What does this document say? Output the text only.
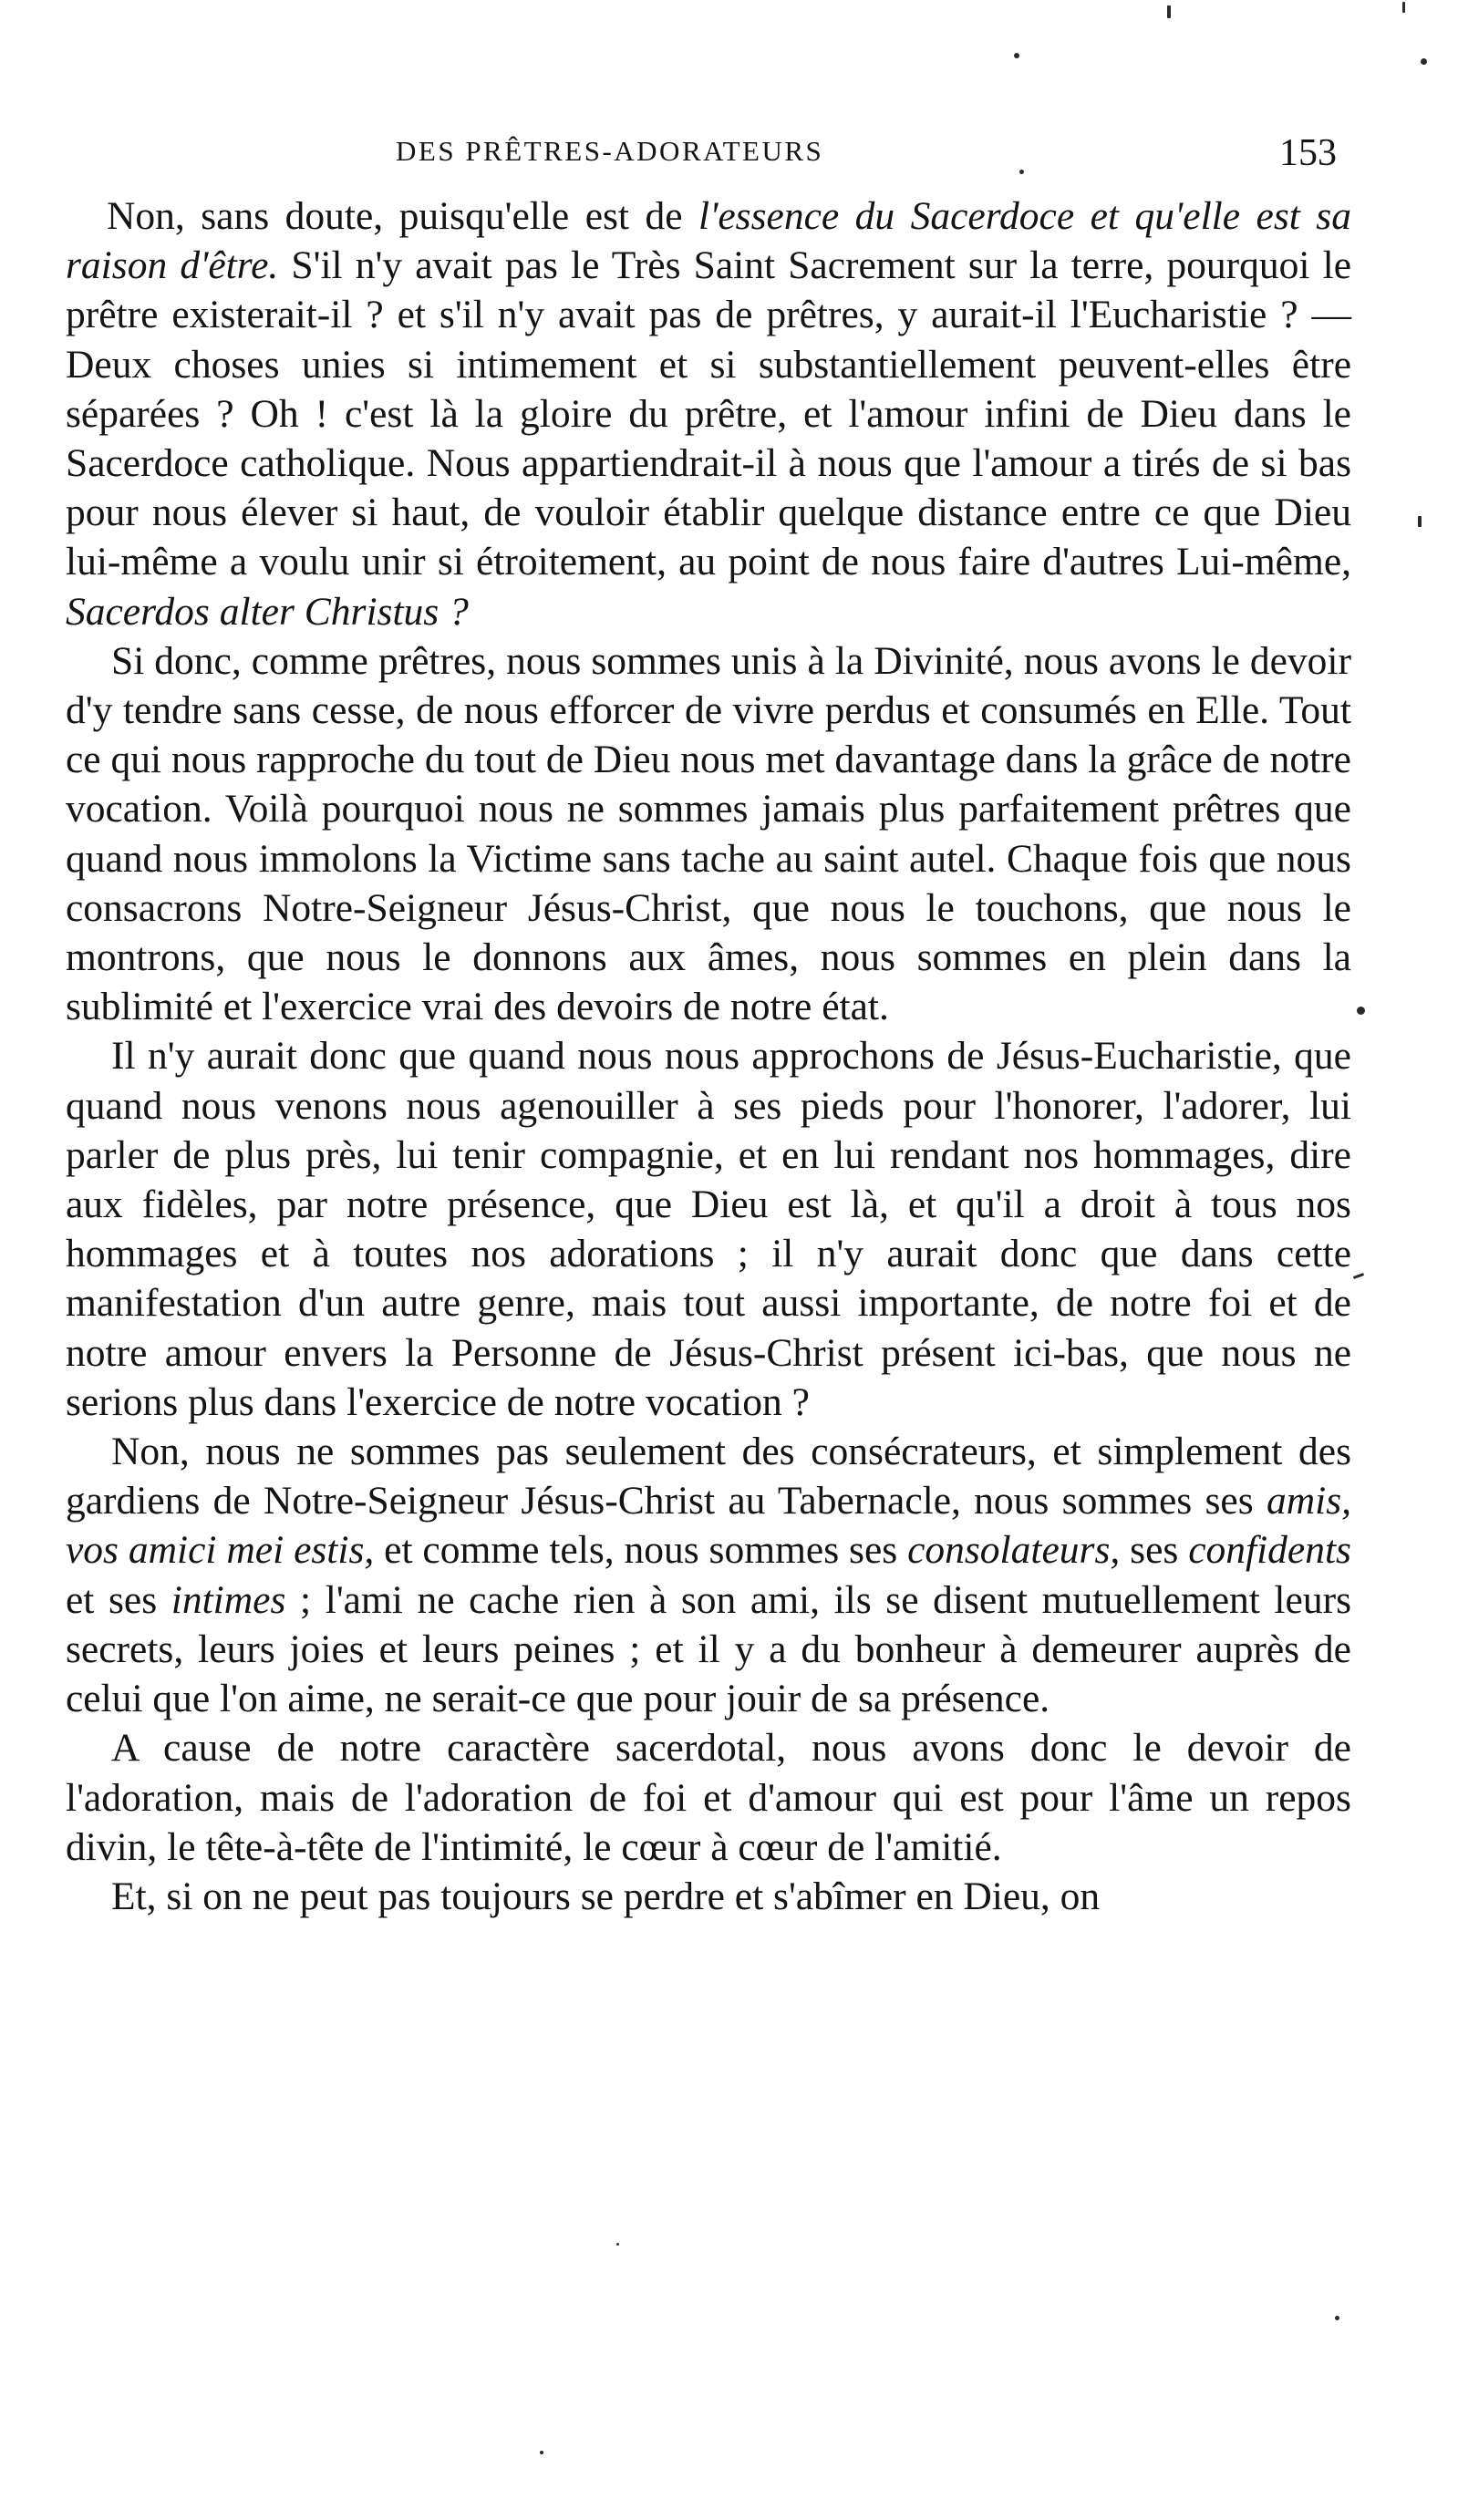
DES PRÊTRES-ADORATEURS	153

Non, sans doute, puisqu'elle est de l'essence du Sacerdoce et qu'elle est sa raison d'être. S'il n'y avait pas le Très Saint Sacrement sur la terre, pourquoi le prêtre existerait-il ? et s'il n'y avait pas de prêtres, y aurait-il l'Eucharistie ? — Deux choses unies si intimement et si substantiellement peuvent-elles être séparées ? Oh ! c'est là la gloire du prêtre, et l'amour infini de Dieu dans le Sacerdoce catholique. Nous appartiendrait-il à nous que l'amour a tirés de si bas pour nous élever si haut, de vouloir établir quelque distance entre ce que Dieu lui-même a voulu unir si étroitement, au point de nous faire d'autres Lui-même, Sacerdos alter Christus ?

Si donc, comme prêtres, nous sommes unis à la Divinité, nous avons le devoir d'y tendre sans cesse, de nous efforcer de vivre perdus et consumés en Elle. Tout ce qui nous rapproche du tout de Dieu nous met davantage dans la grâce de notre vocation. Voilà pourquoi nous ne sommes jamais plus parfaitement prêtres que quand nous immolons la Victime sans tache au saint autel. Chaque fois que nous consacrons Notre-Seigneur Jésus-Christ, que nous le touchons, que nous le montrons, que nous le donnons aux âmes, nous sommes en plein dans la sublimité et l'exercice vrai des devoirs de notre état.

Il n'y aurait donc que quand nous nous approchons de Jésus-Eucharistie, que quand nous venons nous agenouiller à ses pieds pour l'honorer, l'adorer, lui parler de plus près, lui tenir compagnie, et en lui rendant nos hommages, dire aux fidèles, par notre présence, que Dieu est là, et qu'il a droit à tous nos hommages et à toutes nos adorations ; il n'y aurait donc que dans cette manifestation d'un autre genre, mais tout aussi importante, de notre foi et de notre amour envers la Personne de Jésus-Christ présent ici-bas, que nous ne serions plus dans l'exercice de notre vocation ?

Non, nous ne sommes pas seulement des consécrateurs, et simplement des gardiens de Notre-Seigneur Jésus-Christ au Tabernacle, nous sommes ses amis, vos amici mei estis, et comme tels, nous sommes ses consolateurs, ses confidents et ses intimes ; l'ami ne cache rien à son ami, ils se disent mutuellement leurs secrets, leurs joies et leurs peines ; et il y a du bonheur à demeurer auprès de celui que l'on aime, ne serait-ce que pour jouir de sa présence.

A cause de notre caractère sacerdotal, nous avons donc le devoir de l'adoration, mais de l'adoration de foi et d'amour qui est pour l'âme un repos divin, le tête-à-tête de l'intimité, le cœur à cœur de l'amitié.

Et, si on ne peut pas toujours se perdre et s'abîmer en Dieu, on
